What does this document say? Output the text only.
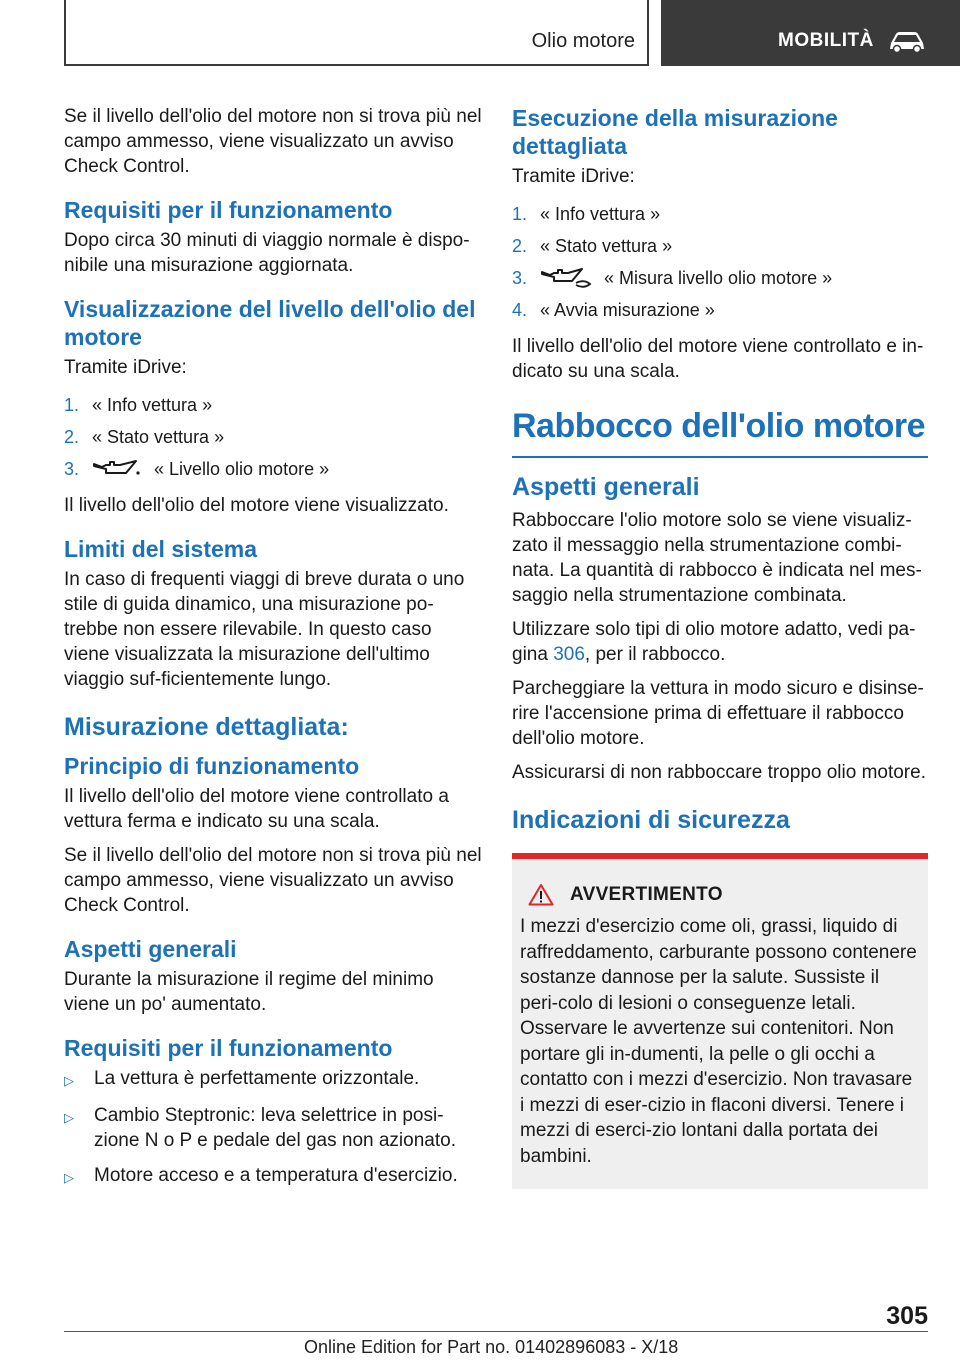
Olio motore	MOBILITÀ

Se il livello dell'olio del motore non si trova più nel campo ammesso, viene visualizzato un avviso Check Control.

Requisiti per il funzionamento

Dopo circa 30 minuti di viaggio normale è dispo-nibile una misurazione aggiornata.

Visualizzazione del livello dell'olio del motore

Tramite iDrive:

1. « Info vettura »
2. « Stato vettura »
3.	« Livello olio motore »

Il livello dell'olio del motore viene visualizzato.

Limiti del sistema

In caso di frequenti viaggi di breve durata o uno stile di guida dinamico, una misurazione po-trebbe non essere rilevabile. In questo caso viene visualizzata la misurazione dell'ultimo viaggio suf-ficientemente lungo.

Misurazione dettagliata:
Principio di funzionamento

Il livello dell'olio del motore viene controllato a vettura ferma e indicato su una scala.

Se il livello dell'olio del motore non si trova più nel campo ammesso, viene visualizzato un avviso Check Control.

Aspetti generali

Durante la misurazione il regime del minimo viene un po' aumentato.

Requisiti per il funzionamento
▷	La vettura è perfettamente orizzontale.
▷	Cambio Steptronic: leva selettrice in posi-zione N o P e pedale del gas non azionato.
▷	Motore acceso e a temperatura d'esercizio.
Esecuzione della misurazione dettagliata

Tramite iDrive:

1. « Info vettura »
2. « Stato vettura »
3.	« Misura livello olio motore »
4. « Avvia misurazione »

Il livello dell'olio del motore viene controllato e in-dicato su una scala.

Rabbocco dell'olio motore
Aspetti generali

Rabboccare l'olio motore solo se viene visualiz-zato il messaggio nella strumentazione combi-nata. La quantità di rabbocco è indicata nel mes-saggio nella strumentazione combinata.

Utilizzare solo tipi di olio motore adatto, vedi pa-gina 306, per il rabbocco.

Parcheggiare la vettura in modo sicuro e disinse-rire l'accensione prima di effettuare il rabbocco dell'olio motore.

Assicurarsi di non rabboccare troppo olio motore.

Indicazioni di sicurezza
AVVERTIMENTO

I mezzi d'esercizio come oli, grassi, liquido di raffreddamento, carburante possono contenere sostanze dannose per la salute. Sussiste il peri-colo di lesioni o conseguenze letali. Osservare le avvertenze sui contenitori. Non portare gli in-dumenti, la pelle o gli occhi a contatto con i mezzi d'esercizio. Non travasare i mezzi di eser-cizio in flaconi diversi. Tenere i mezzi di eserci-zio lontani dalla portata dei bambini.

305
Online Edition for Part no. 01402896083 - X/18
